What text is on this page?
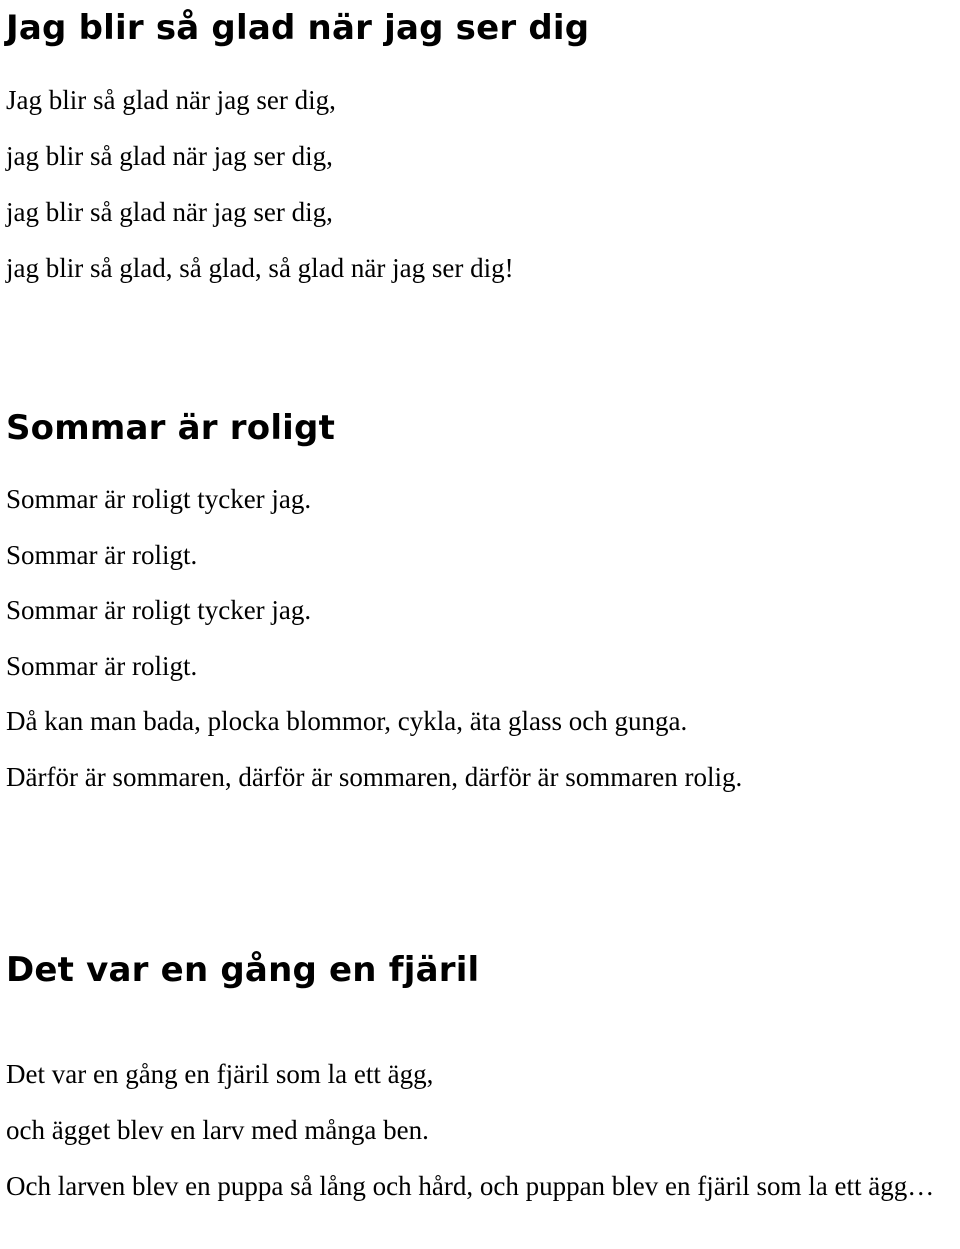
Jag blir så glad när jag ser dig
Jag blir så glad när jag ser dig,
jag blir så glad när jag ser dig,
jag blir så glad när jag ser dig,
jag blir så glad, så glad, så glad när jag ser dig!
Sommar är roligt
Sommar är roligt tycker jag.
Sommar är roligt.
Sommar är roligt tycker jag.
Sommar är roligt.
Då kan man bada, plocka blommor, cykla, äta glass och gunga.
Därför är sommaren, därför är sommaren, därför är sommaren rolig.
Det var en gång en fjäril
Det var en gång en fjäril som la ett ägg,
och ägget blev en larv med många ben.
Och larven blev en puppa så lång och hård, och puppan blev en fjäril som la ett ägg…
